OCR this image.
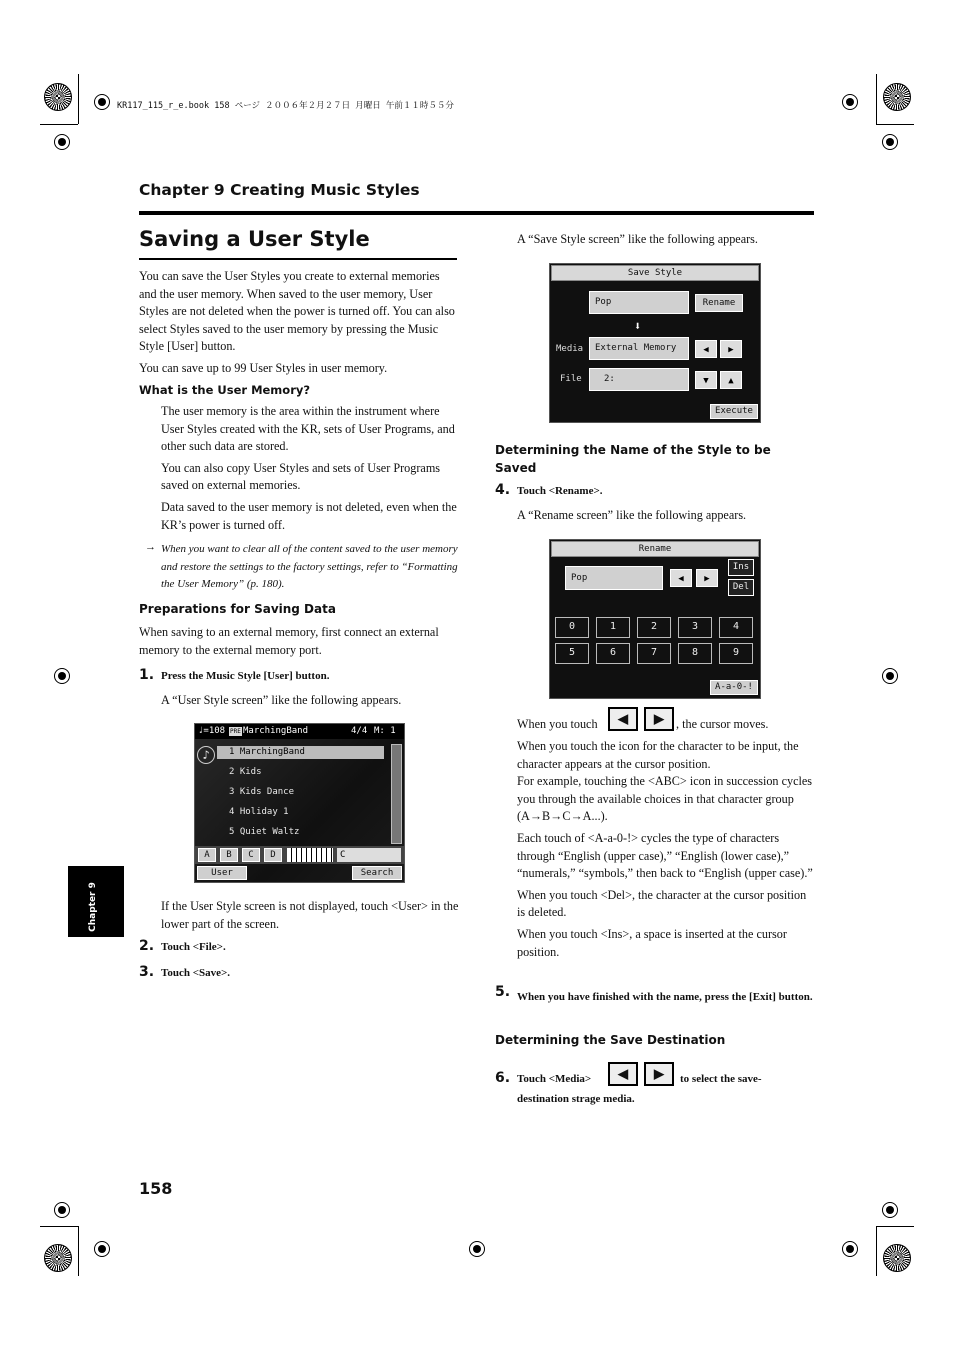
KR117_115_r_e.book 158 ページ ２００６年２月２７日 月曜日 午前１１時５５分
Chapter 9 Creating Music Styles
Saving a User Style

You can save the User Styles you create to external memories and the user memory. When saved to the user memory, User Styles are not deleted when the power is turned off. You can also select Styles saved to the user memory by pressing the Music Style [User] button.

You can save up to 99 User Styles in user memory.

What is the User Memory?

The user memory is the area within the instrument where User Styles created with the KR, sets of User Programs, and other such data are stored.

You can also copy User Styles and sets of User Programs saved on external memories.

Data saved to the user memory is not deleted, even when the KR’s power is turned off.

→ When you want to clear all of the content saved to the user memory and restore the settings to the factory settings, refer to “Formatting the User Memory” (p. 180).
Preparations for Saving Data
When saving to an external memory, first connect an external memory to the external memory port.
1. Press the Music Style [User] button.
A “User Style screen” like the following appears.
♩=108 PRE MarchingBand	4/4 M: 1
♪	1 MarchingBand
2 Kids
3 Kids Dance
4 Holiday 1
5 Quiet Waltz
A	B	C	D	C
User	Search
If the User Style screen is not displayed, touch <User> in the lower part of the screen.
2. Touch <File>.
3. Touch <Save>.
Chapter 9
158
A “Save Style screen” like the following appears.
Save Style
Pop	Rename
⬇
Media	External Memory	◀	▶
File	2:	▼	▲
Execute
Determining the Name of the Style to be Saved
4. Touch <Rename>.
A “Rename screen” like the following appears.
Rename
Pop	◀	▶
Ins
Del
0	1	2	3	4
5	6	7	8	9
A-a-0-!
When you touch	◀	▶ , the cursor moves.

When you touch the icon for the character to be input, the character appears at the cursor position.

For example, touching the <ABC> icon in succession cycles you through the available choices in that character group (A→B→C→A...).

Each touch of <A-a-0-!> cycles the type of characters through “English (upper case),” “English (lower case),” “numerals,” “symbols,” then back to “English (upper case).”

When you touch <Del>, the character at the cursor position is deleted.

When you touch <Ins>, a space is inserted at the cursor position.

5. When you have finished with the name, press the [Exit] button.
Determining the Save Destination
6. Touch <Media>	◀	▶	to select the save-
destination strage media.
